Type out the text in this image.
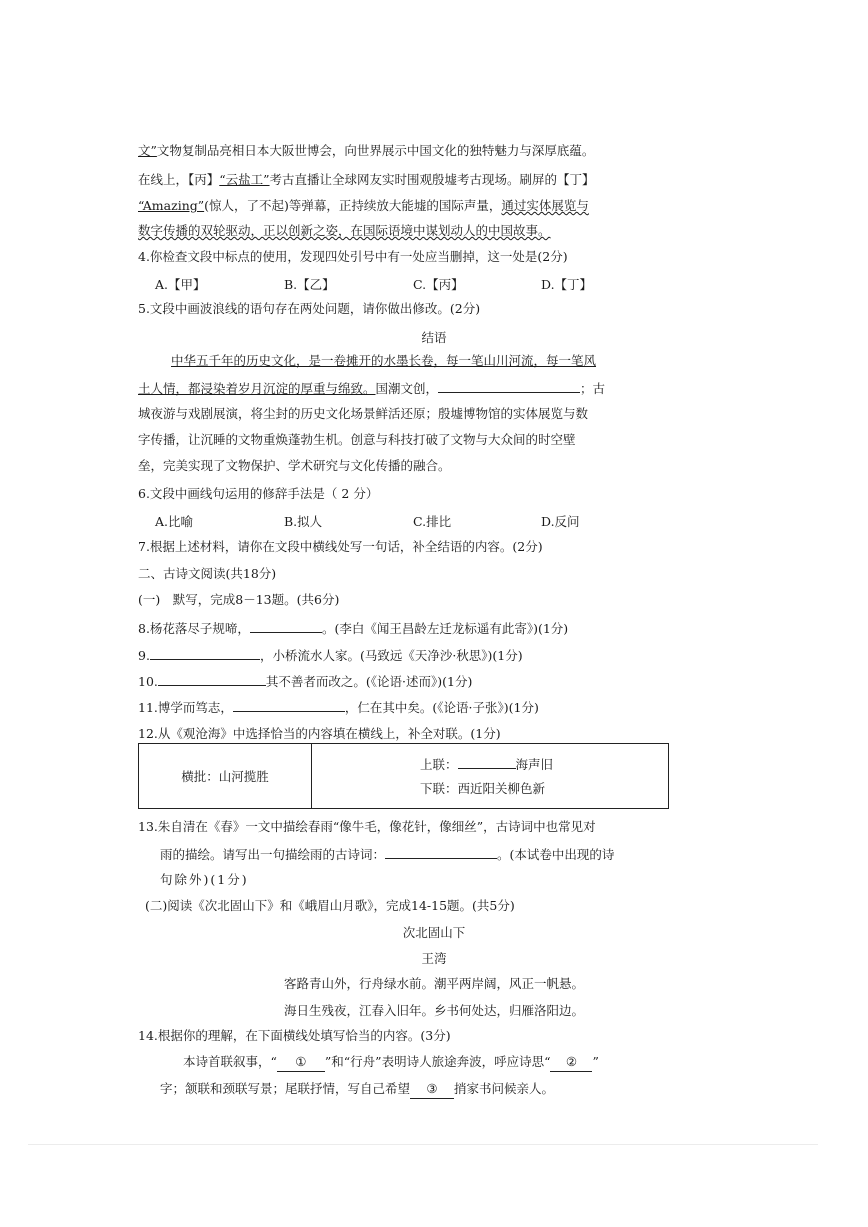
文”文物复制品亮相日本大阪世博会，向世界展示中国文化的独特魅力与深厚底蕴。
在线上，【丙】“云盐工”考古直播让全球网友实时围观殷墟考古现场。刷屏的【丁】
“Amazing”(惊人，了不起)等弹幕，正持续放大能墟的国际声量，通过实体展览与
数字传播的双轮驱动，正以创新之姿，在国际语境中谋划动人的中国故事。
4.你检查文段中标点的使用，发现四处引号中有一处应当删掉，这一处是(2分)
A.【甲】	B.【乙】	C.【丙】	D.【丁】
5.文段中画波浪线的语句存在两处问题，请你做出修改。(2分)
结语
中华五千年的历史文化，是一卷摊开的水墨长卷，每一笔山川河流，每一笔风
土人情，都浸染着岁月沉淀的厚重与绵致。国潮文创，	；古
城夜游与戏剧展演，将尘封的历史文化场景鲜活还原；殷墟博物馆的实体展览与数
字传播，让沉睡的文物重焕蓬勃生机。创意与科技打破了文物与大众间的时空壁
垒，完美实现了文物保护、学术研究与文化传播的融合。
6.文段中画线句运用的修辞手法是（ 2 分）
A.比喻	B.拟人	C.排比	D.反问
7.根据上述材料，请你在文段中横线处写一句话，补全结语的内容。(2分)
二、古诗文阅读(共18分)
(一)　默写，完成8－13题。(共6分)
8.杨花落尽子规啼，	。(李白《闻王昌龄左迁龙标遥有此寄》)(1分)
9.	，小桥流水人家。(马致远《天净沙·秋思》)(1分)
10.	其不善者而改之。(《论语·述而》)(1分)
11.博学而笃志，	，仁在其中矣。(《论语·子张》)(1分)
12.从《观沧海》中选择恰当的内容填在横线上，补全对联。(1分)
横批：山河揽胜	
上联：	海声旧
下联：西近阳关柳色新
13.朱自清在《春》一文中描绘春雨“像牛毛，像花针，像细丝”，古诗词中也常见对
雨的描绘。请写出一句描绘雨的古诗词：	。(本试卷中出现的诗
句除外)(1分)
(二)阅读《次北固山下》和《峨眉山月歌》，完成14-15题。(共5分)
次北固山下
王湾
客路青山外，行舟绿水前。潮平两岸阔，风正一帆悬。
海日生残夜，江春入旧年。乡书何处达，归雁洛阳边。
14.根据你的理解，在下面横线处填写恰当的内容。(3分)
本诗首联叙事，“ ① ”和“行舟”表明诗人旅途奔波，呼应诗思“ ② ”
字；颔联和颈联写景；尾联抒情，写自己希望 ③ 捎家书问候亲人。
